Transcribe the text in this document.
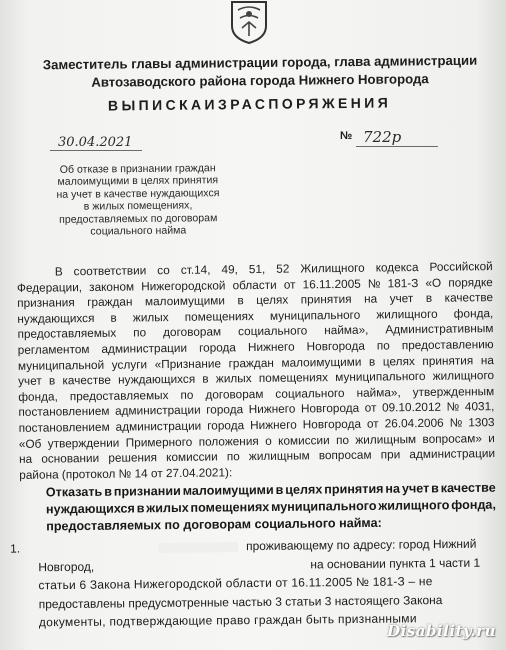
Заместитель главы администрации города, глава администрации
Автозаводского района города Нижнего Новгорода
ВЫПИСКАИЗРАСПОРЯЖЕНИЯ
30.04.2021	№ 722р
Об отказе в признании граждан
малоимущими в целях принятия
на учет в качестве нуждающихся
в жилых помещениях,
предоставляемых по договорам
социального найма
В соответствии со ст.14, 49, 51, 52 Жилищного кодекса Российской
Федерации, законом Нижегородской области от 16.11.2005 № 181-З «О порядке
признания граждан малоимущими в целях принятия на учет в качестве
нуждающихся в жилых помещениях муниципального жилищного фонда,
предоставляемых по договорам социального найма», Административным
регламентом администрации города Нижнего Новгорода по предоставлению
муниципальной услуги «Признание граждан малоимущими в целях принятия на
учет в качестве нуждающихся в жилых помещениях муниципального жилищного
фонда, предоставляемых по договорам социального найма», утвержденным
постановлением администрации города Нижнего Новгорода от 09.10.2012 № 4031,
постановлением администрации города Нижнего Новгорода от 26.04.2006 № 1303
«Об утверждении Примерного положения о комиссии по жилищным вопросам» и
на основании решения комиссии по жилищным вопросам при администрации
района (протокол № 14 от 27.04.2021):
Отказать в признании малоимущими в целях принятия на учет в качестве
нуждающихся в жилых помещениях муниципального жилищного фонда,
предоставляемых по договорам социального найма:
1.	проживающему по адресу: город Нижний
Новгород,	на основании пункта 1 части 1
статьи 6 Закона Нижегородской области от 16.11.2005 № 181-З – не
предоставлены предусмотренные частью 3 статьи 3 настоящего Закона
документы, подтверждающие право граждан быть признанными
Disability.ru
